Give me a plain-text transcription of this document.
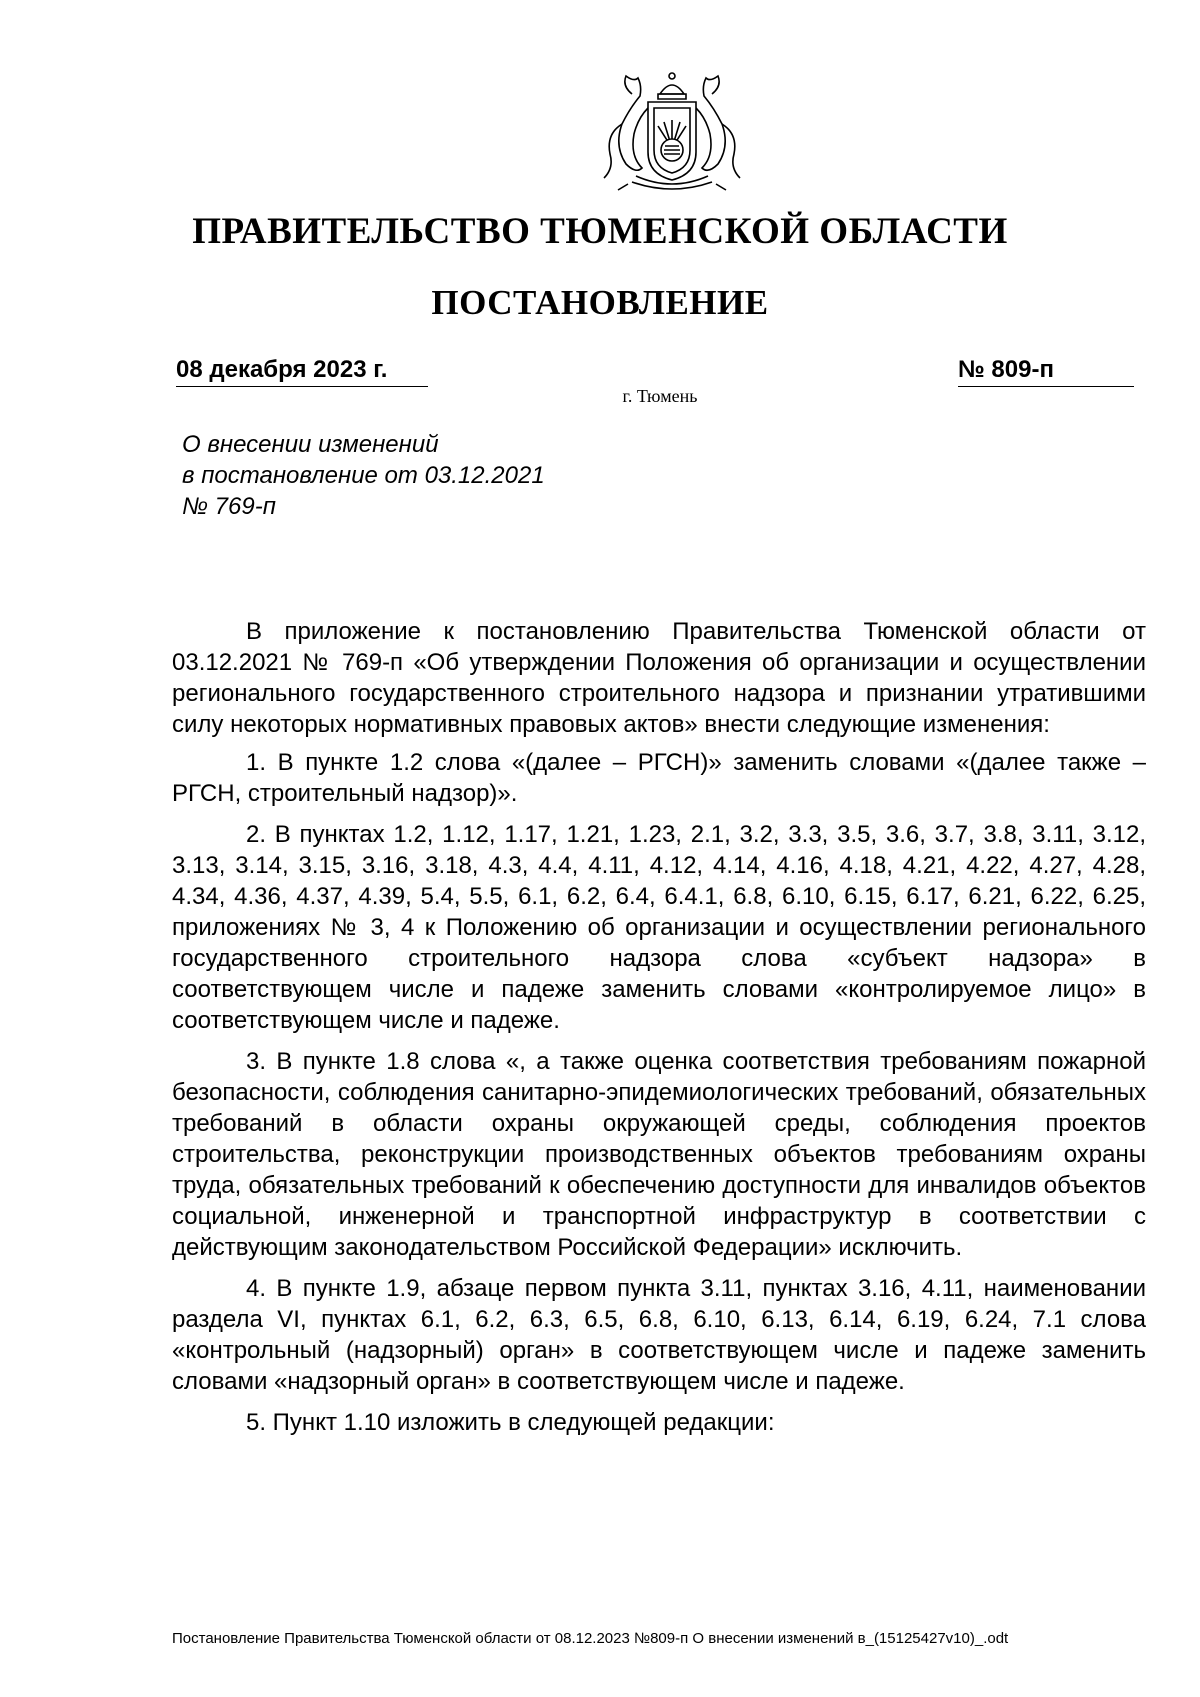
ПРАВИТЕЛЬСТВО ТЮМЕНСКОЙ ОБЛАСТИ
ПОСТАНОВЛЕНИЕ
08 декабря 2023 г.	№ 809-п
г. Тюмень
О внесении изменений
в постановление от 03.12.2021
№ 769-п

В приложение к постановлению Правительства Тюменской области от 03.12.2021 № 769-п «Об утверждении Положения об организации и осуществлении регионального государственного строительного надзора и признании утратившими силу некоторых нормативных правовых актов» внести следующие изменения:

1. В пункте 1.2 слова «(далее – РГСН)» заменить словами «(далее также – РГСН, строительный надзор)».

2. В пунктах 1.2, 1.12, 1.17, 1.21, 1.23, 2.1, 3.2, 3.3, 3.5, 3.6, 3.7, 3.8, 3.11, 3.12, 3.13, 3.14, 3.15, 3.16, 3.18, 4.3, 4.4, 4.11, 4.12, 4.14, 4.16, 4.18, 4.21, 4.22, 4.27, 4.28, 4.34, 4.36, 4.37, 4.39, 5.4, 5.5, 6.1, 6.2, 6.4, 6.4.1, 6.8, 6.10, 6.15, 6.17, 6.21, 6.22, 6.25, приложениях № 3, 4 к Положению об организации и осуществлении регионального государственного строительного надзора слова «субъект надзора» в соответствующем числе и падеже заменить словами «контролируемое лицо» в соответствующем числе и падеже.

3. В пункте 1.8 слова «, а также оценка соответствия требованиям пожарной безопасности, соблюдения санитарно-эпидемиологических требований, обязательных требований в области охраны окружающей среды, соблюдения проектов строительства, реконструкции производственных объектов требованиям охраны труда, обязательных требований к обеспечению доступности для инвалидов объектов социальной, инженерной и транспортной инфраструктур в соответствии с действующим законодательством Российской Федерации» исключить.

4. В пункте 1.9, абзаце первом пункта 3.11, пунктах 3.16, 4.11, наименовании раздела VI, пунктах 6.1, 6.2, 6.3, 6.5, 6.8, 6.10, 6.13, 6.14, 6.19, 6.24, 7.1 слова «контрольный (надзорный) орган» в соответствующем числе и падеже заменить словами «надзорный орган» в соответствующем числе и падеже.

5. Пункт 1.10 изложить в следующей редакции:

Постановление Правительства Тюменской области от 08.12.2023 №809-п О внесении изменений в_(15125427v10)_.odt
